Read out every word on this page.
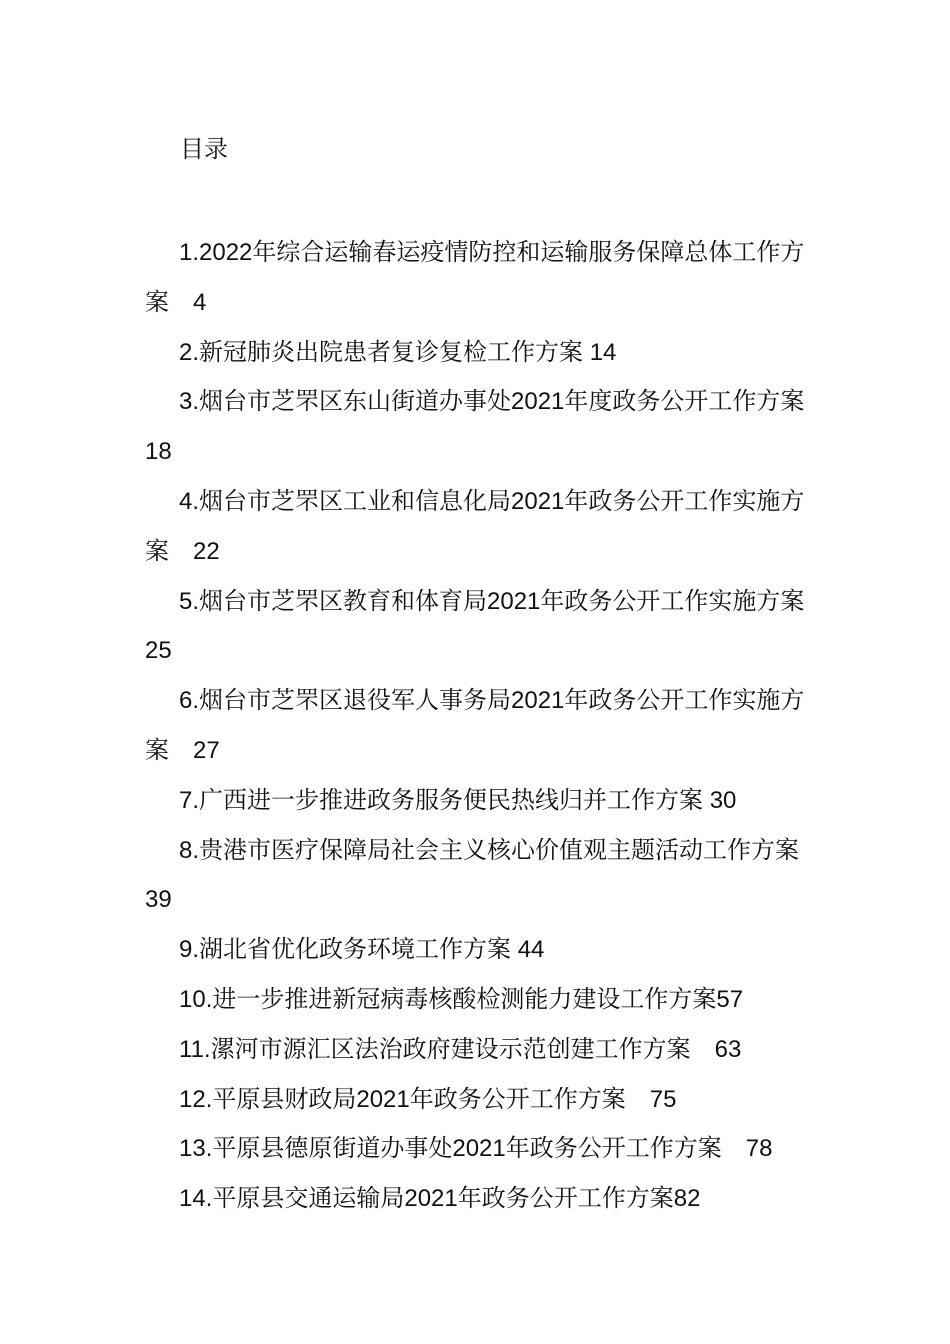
目录
1.2022年综合运输春运疫情防控和运输服务保障总体工作方案　 4
2.新冠肺炎出院患者复诊复检工作方案 14
3.烟台市芝罘区东山街道办事处2021年度政务公开工作方案 18
4.烟台市芝罘区工业和信息化局2021年政务公开工作实施方案　 22
5.烟台市芝罘区教育和体育局2021年政务公开工作实施方案 25
6.烟台市芝罘区退役军人事务局2021年政务公开工作实施方案　 27
7.广西进一步推进政务服务便民热线归并工作方案 30
8.贵港市医疗保障局社会主义核心价值观主题活动工作方案 39
9.湖北省优化政务环境工作方案 44
10.进一步推进新冠病毒核酸检测能力建设工作方案57
11.漯河市源汇区法治政府建设示范创建工作方案　 63
12.平原县财政局2021年政务公开工作方案　 75
13.平原县德原街道办事处2021年政务公开工作方案　 78
14.平原县交通运输局2021年政务公开工作方案82
